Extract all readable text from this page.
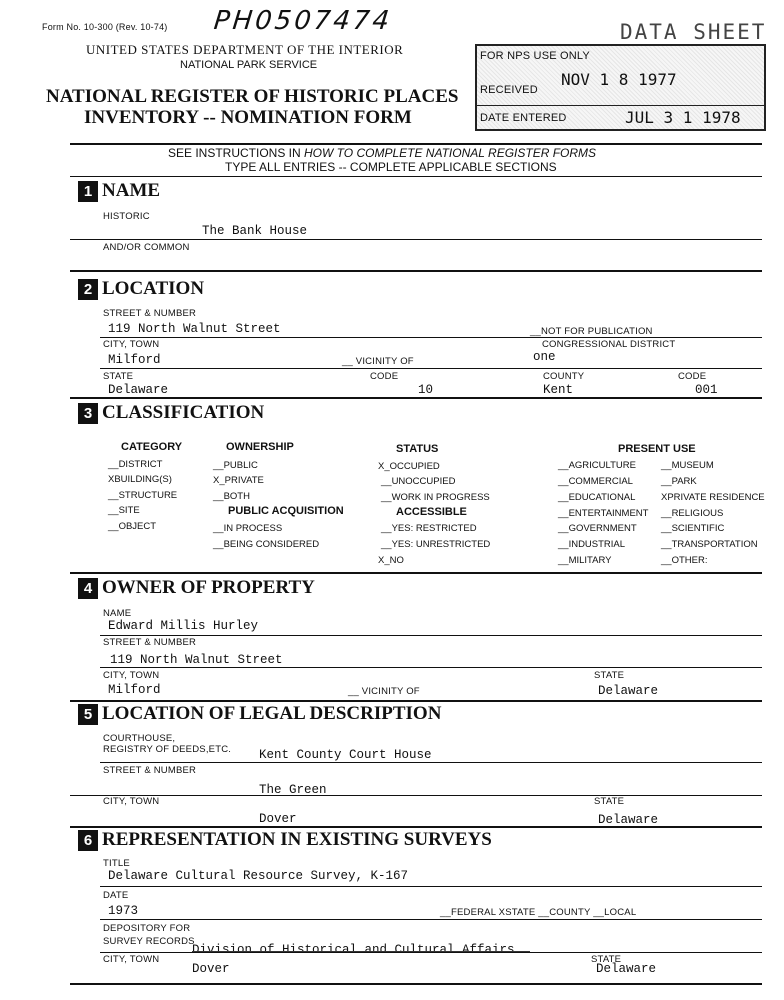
Form No. 10-300 (Rev. 10-74) PH0507474
UNITED STATES DEPARTMENT OF THE INTERIOR
NATIONAL PARK SERVICE
NATIONAL REGISTER OF HISTORIC PLACES
INVENTORY -- NOMINATION FORM
FOR NPS USE ONLY
RECEIVED
NOV 1 8 1977
DATE ENTERED	JUL 3 1 1978
DATA SHEET
SEE INSTRUCTIONS IN HOW TO COMPLETE NATIONAL REGISTER FORMS
TYPE ALL ENTRIES -- COMPLETE APPLICABLE SECTIONS
1 NAME
HISTORIC
The Bank House
AND/OR COMMON
2 LOCATION
STREET & NUMBER
119 North Walnut Street	__NOT FOR PUBLICATION
CITY, TOWN	CONGRESSIONAL DISTRICT
Milford	one
__ VICINITY OF
STATE	CODE	COUNTY	CODE
Delaware	10	Kent	001
3 CLASSIFICATION
CATEGORY
__DISTRICT
XBUILDING(S)
__STRUCTURE
__SITE
__OBJECT
OWNERSHIP
__PUBLIC
X_PRIVATE
__BOTH
PUBLIC ACQUISITION
__IN PROCESS
__BEING CONSIDERED
STATUS
X_OCCUPIED
__UNOCCUPIED
__WORK IN PROGRESS
ACCESSIBLE
__YES: RESTRICTED
__YES: UNRESTRICTED
X_NO
PRESENT USE
__AGRICULTURE
__COMMERCIAL
__EDUCATIONAL
__ENTERTAINMENT
__GOVERNMENT
__INDUSTRIAL
__MILITARY
__MUSEUM
__PARK
XPRIVATE RESIDENCE
__RELIGIOUS
__SCIENTIFIC
__TRANSPORTATION
__OTHER:
4 OWNER OF PROPERTY
NAME
Edward Millis Hurley
STREET & NUMBER
119 North Walnut Street
CITY, TOWN	STATE
Milford	__ VICINITY OF	Delaware
5 LOCATION OF LEGAL DESCRIPTION
COURTHOUSE,
REGISTRY OF DEEDS,ETC. Kent County Court House
STREET & NUMBER
The Green
CITY, TOWN	STATE
Dover	Delaware
6 REPRESENTATION IN EXISTING SURVEYS
TITLE
Delaware Cultural Resource Survey, K-167
DATE
1973	__FEDERAL XSTATE __COUNTY __LOCAL
DEPOSITORY FOR
SURVEY RECORDS
Division of Historical and Cultural Affairs
CITY, TOWN	STATE
Dover	Delaware
